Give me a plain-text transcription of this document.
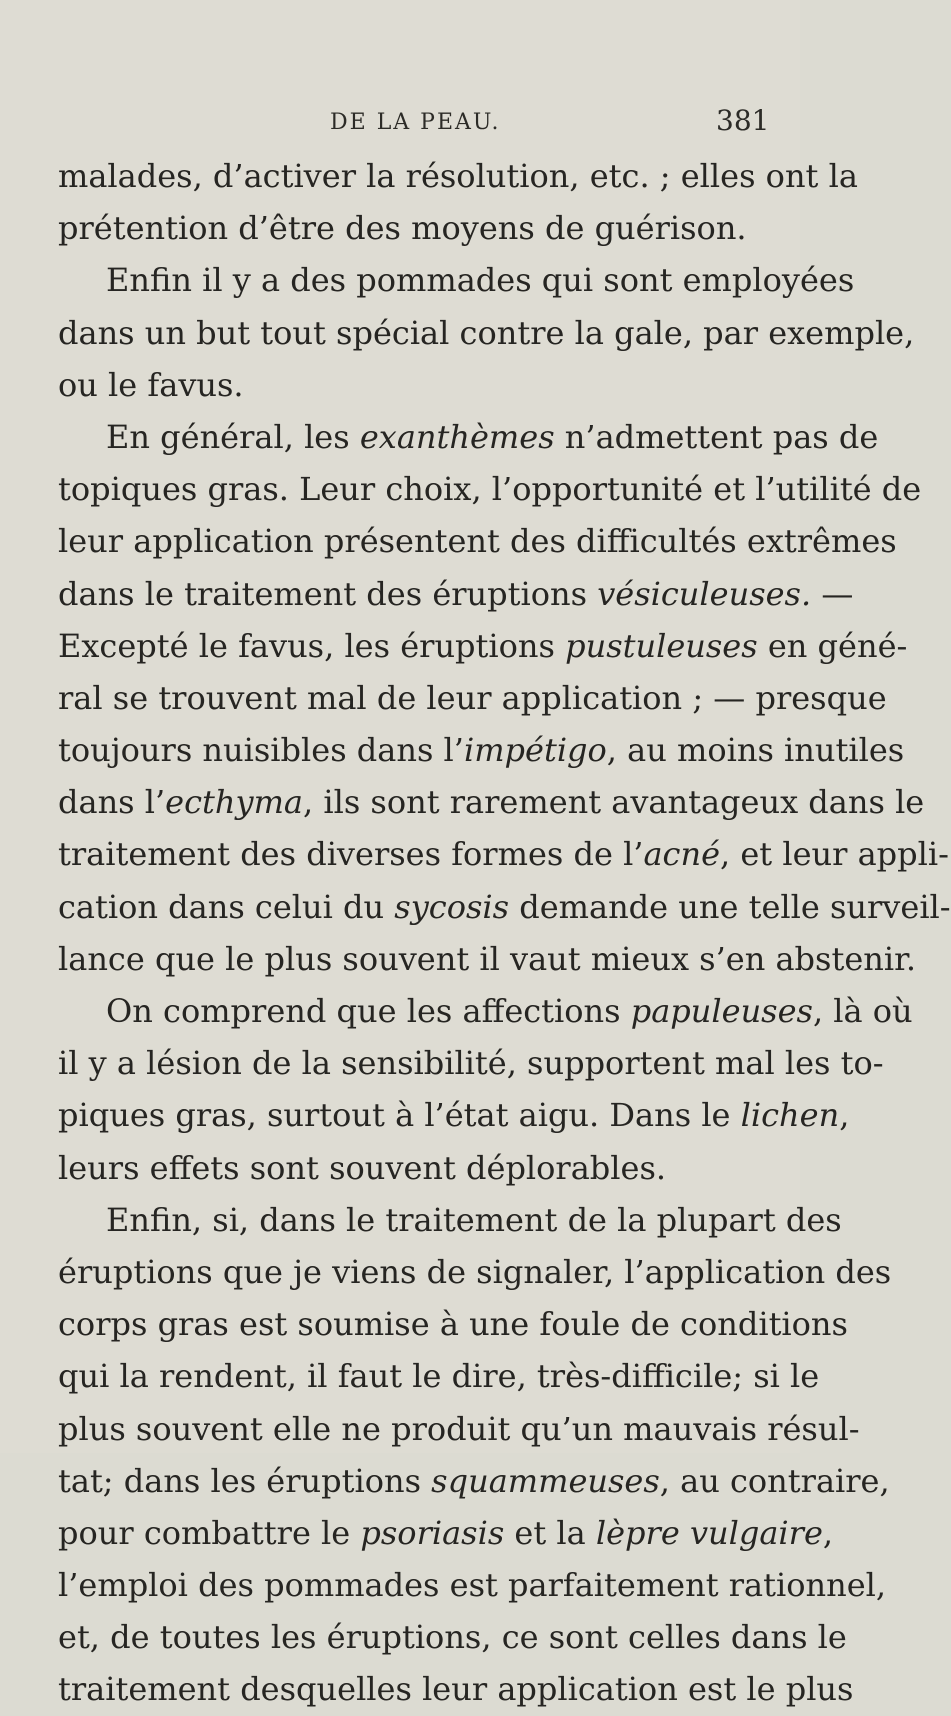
DE LA PEAU.	381
malades, d’activer la résolution, etc. ; elles ont la
prétention d’être des moyens de guérison.
Enfin il y a des pommades qui sont employées
dans un but tout spécial contre la gale, par exemple,
ou le favus.
En général, les exanthèmes n’admettent pas de
topiques gras. Leur choix, l’opportunité et l’utilité de
leur application présentent des difficultés extrêmes
dans le traitement des éruptions vésiculeuses. —
Excepté le favus, les éruptions pustuleuses en géné-
ral se trouvent mal de leur application ; — presque
toujours nuisibles dans l’impétigo, au moins inutiles
dans l’ecthyma, ils sont rarement avantageux dans le
traitement des diverses formes de l’acné, et leur appli-
cation dans celui du sycosis demande une telle surveil-
lance que le plus souvent il vaut mieux s’en abstenir.
On comprend que les affections papuleuses, là où
il y a lésion de la sensibilité, supportent mal les to-
piques gras, surtout à l’état aigu. Dans le lichen,
leurs effets sont souvent déplorables.
Enfin, si, dans le traitement de la plupart des
éruptions que je viens de signaler, l’application des
corps gras est soumise à une foule de conditions
qui la rendent, il faut le dire, très-difficile; si le
plus souvent elle ne produit qu’un mauvais résul-
tat; dans les éruptions squammeuses, au contraire,
pour combattre le psoriasis et la lèpre vulgaire,
l’emploi des pommades est parfaitement rationnel,
et, de toutes les éruptions, ce sont celles dans le
traitement desquelles leur application est le plus
